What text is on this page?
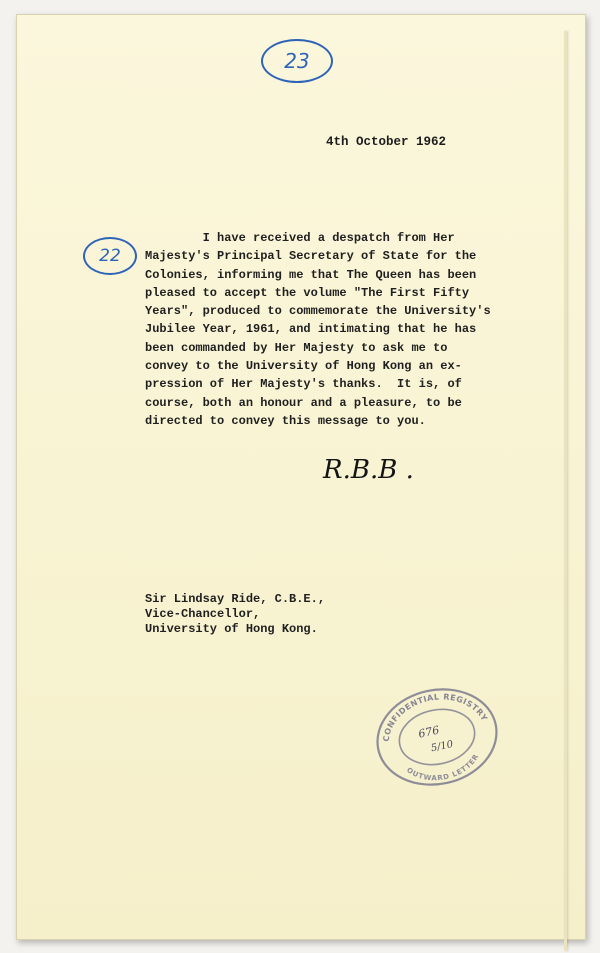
23
4th October 1962
22
I have received a despatch from Her
Majesty's Principal Secretary of State for the
Colonies, informing me that The Queen has been
pleased to accept the volume "The First Fifty
Years", produced to commemorate the University's
Jubilee Year, 1961, and intimating that he has
been commanded by Her Majesty to ask me to
convey to the University of Hong Kong an ex-
pression of Her Majesty's thanks.  It is, of
course, both an honour and a pleasure, to be
directed to convey this message to you.
R.B.B .
Sir Lindsay Ride, C.B.E.,
Vice-Chancellor,
University of Hong Kong.
CONFIDENTIAL REGISTRY
OUTWARD LETTER
676
5/10
